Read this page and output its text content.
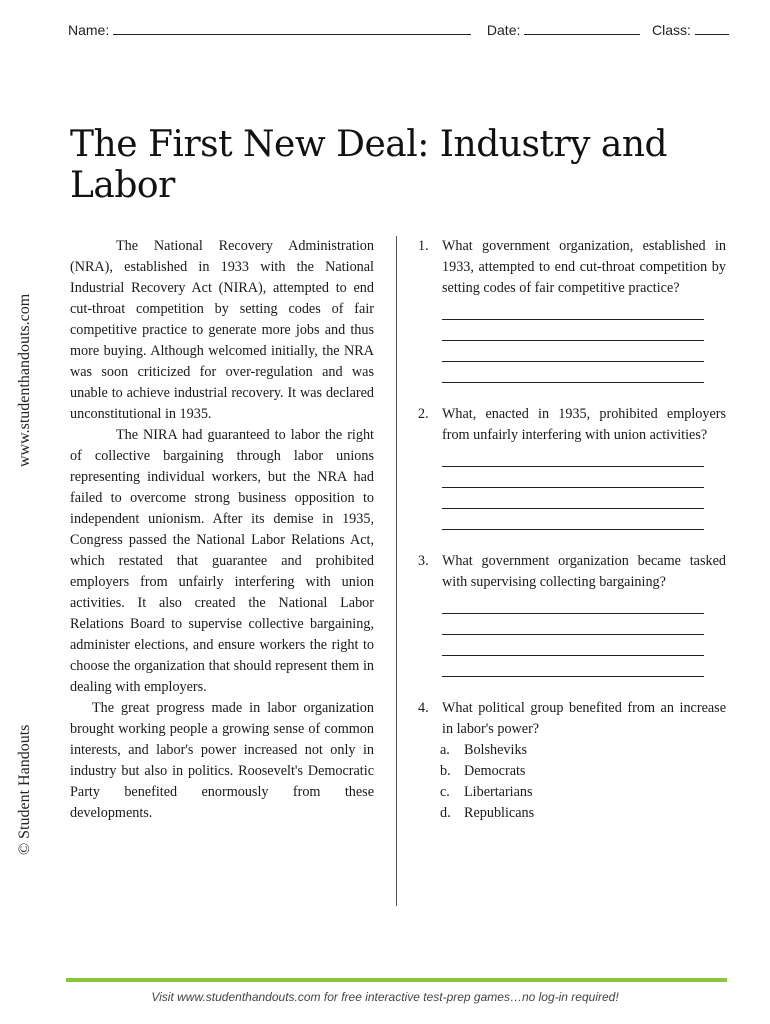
Name:	Date:	Class:
The First New Deal: Industry and Labor
www.studenthandouts.com
© Student Handouts

The National Recovery Administration (NRA), established in 1933 with the National Industrial Recovery Act (NIRA), attempted to end cut-throat competition by setting codes of fair competitive practice to generate more jobs and thus more buying. Although welcomed initially, the NRA was soon criticized for over-regulation and was unable to achieve industrial recovery. It was declared unconstitutional in 1935.

The NIRA had guaranteed to labor the right of collective bargaining through labor unions representing individual workers, but the NRA had failed to overcome strong business opposition to independent unionism. After its demise in 1935, Congress passed the National Labor Relations Act, which restated that guarantee and prohibited employers from unfairly interfering with union activities. It also created the National Labor Relations Board to supervise collective bargaining, administer elections, and ensure workers the right to choose the organization that should represent them in dealing with employers.

The great progress made in labor organization brought working people a growing sense of common interests, and labor's power increased not only in industry but also in politics. Roosevelt's Democratic Party benefited enormously from these developments.

1. What government organization, established in 1933, attempted to end cut-throat competition by setting codes of fair competitive practice?
2. What, enacted in 1935, prohibited employers from unfairly interfering with union activities?
3. What government organization became tasked with supervising collecting bargaining?
4. What political group benefited from an increase in labor's power?
a. Bolsheviks
b. Democrats
c. Libertarians
d. Republicans
Visit www.studenthandouts.com for free interactive test-prep games…no log-in required!
